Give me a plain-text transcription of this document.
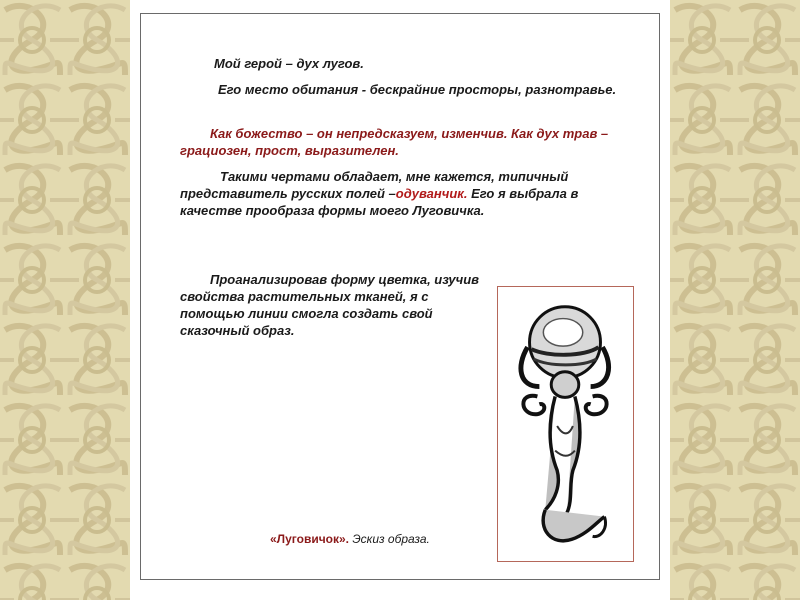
Мой герой – дух лугов.

Его место обитания - бескрайние просторы, разнотравье.

Как божество – он непредсказуем, изменчив. Как дух трав – грациозен, прост, выразителен.

Такими чертами обладает, мне кажется, типичный представитель русских полей –одуванчик. Его я выбрала в качестве прообраза формы моего Луговичка.

Проанализировав форму цветка, изучив свойства растительных тканей, я с помощью линии смогла создать свой сказочный образ.

«Луговичок». Эскиз образа.
